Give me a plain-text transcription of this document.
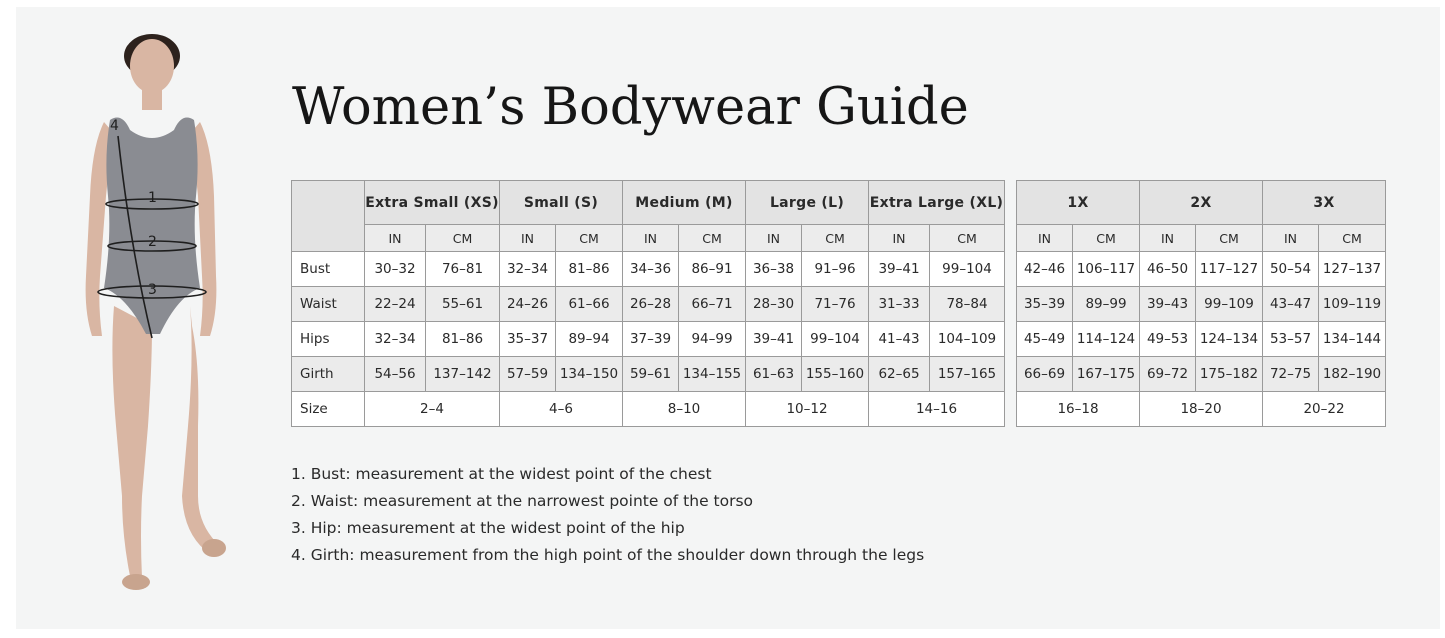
1
2
3
4	Women’s Bodywear Guide
	Extra Small (XS)		Small (S)		Medium (M)		Large (L)		Extra Large (XL)	
	IN	CM	IN	CM	IN	CM	IN	CM	IN	CM
Bust	30–32	76–81	32–34	81–86	34–36	86–91	36–38	91–96	39–41	99–104
Waist	22–24	55–61	24–26	61–66	26–28	66–71	28–30	71–76	31–33	78–84
Hips	32–34	81–86	35–37	89–94	37–39	94–99	39–41	99–104	41–43	104–109
Girth	54–56	137–142	57–59	134–150	59–61	134–155	61–63	155–160	62–65	157–165
Size	2–4		4–6		8–10		10–12		14–16	
1X		2X		3X	
IN	CM	IN	CM	IN	CM
42–46	106–117	46–50	117–127	50–54	127–137
35–39	89–99	39–43	99–109	43–47	109–119
45–49	114–124	49–53	124–134	53–57	134–144
66–69	167–175	69–72	175–182	72–75	182–190
16–18		18–20		20–22	
1. Bust: measurement at the widest point of the chest
2. Waist: measurement at the narrowest pointe of the torso
3. Hip: measurement at the widest point of the hip
4. Girth: measurement from the high point of the shoulder down through the legs
